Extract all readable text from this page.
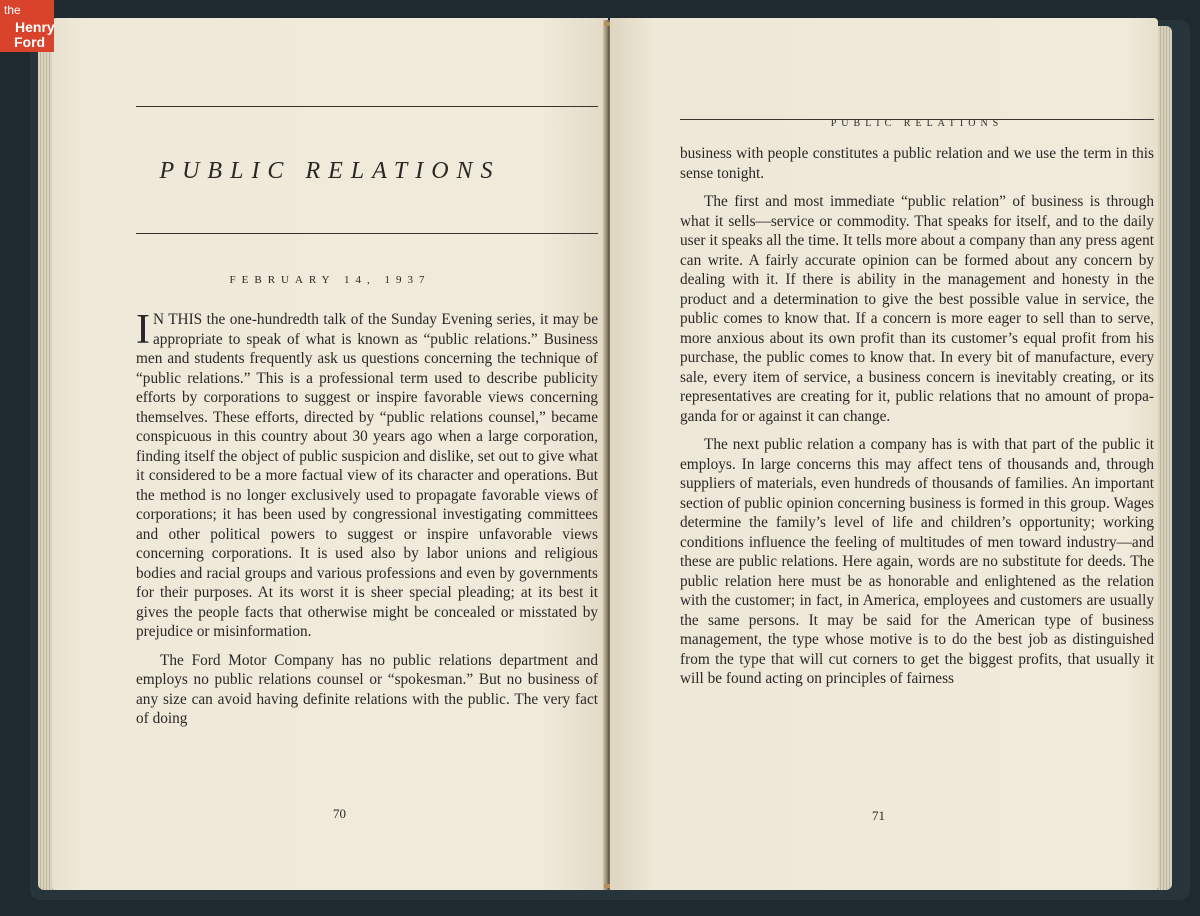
PUBLIC RELATIONS
FEBRUARY 14, 1937

I N THIS the one-hundredth talk of the Sunday Evening series, it may be appropriate to speak of what is known as “public relations.” Business men and students frequently ask us questions concerning the technique of “public relations.” This is a professional term used to describe publicity efforts by corporations to suggest or inspire favorable views concerning themselves. These efforts, directed by “public relations counsel,” became conspicuous in this country about 30 years ago when a large corporation, finding itself the object of public suspicion and dislike, set out to give what it considered to be a more factual view of its character and operations. But the method is no longer exclusively used to propagate favorable views of corporations; it has been used by congressional investigating committees and other political powers to suggest or inspire unfavorable views concerning corporations. It is used also by labor unions and religious bodies and racial groups and various professions and even by governments for their purposes. At its worst it is sheer special pleading; at its best it gives the people facts that otherwise might be concealed or misstated by prejudice or misinformation.

The Ford Motor Company has no public relations department and employs no public relations counsel or “spokesman.” But no business of any size can avoid having definite relations with the public. The very fact of doing

70
PUBLIC RELATIONS

business with people constitutes a public relation and we use the term in this sense tonight.

The first and most immediate “public relation” of business is through what it sells—service or commodity. That speaks for itself, and to the daily user it speaks all the time. It tells more about a company than any press agent can write. A fairly accurate opinion can be formed about any concern by dealing with it. If there is ability in the management and honesty in the product and a determination to give the best possible value in service, the public comes to know that. If a concern is more eager to sell than to serve, more anxious about its own profit than its customer’s equal profit from his purchase, the public comes to know that. In every bit of manufacture, every sale, every item of service, a business concern is inevitably creating, or its representatives are creating for it, public relations that no amount of propaganda for or against it can change.

The next public relation a company has is with that part of the public it employs. In large concerns this may affect tens of thousands and, through suppliers of materials, even hundreds of thousands of families. An important section of public opinion concerning business is formed in this group. Wages determine the family’s level of life and children’s opportunity; working conditions influence the feeling of multitudes of men toward industry—and these are public relations. Here again, words are no substitute for deeds. The public relation here must be as honorable and enlightened as the relation with the customer; in fact, in America, employees and customers are usually the same persons. It may be said for the American type of business management, the type whose motive is to do the best job as distinguished from the type that will cut corners to get the biggest profits, that usually it will be found acting on principles of fairness

71
the
Henry
Ford
